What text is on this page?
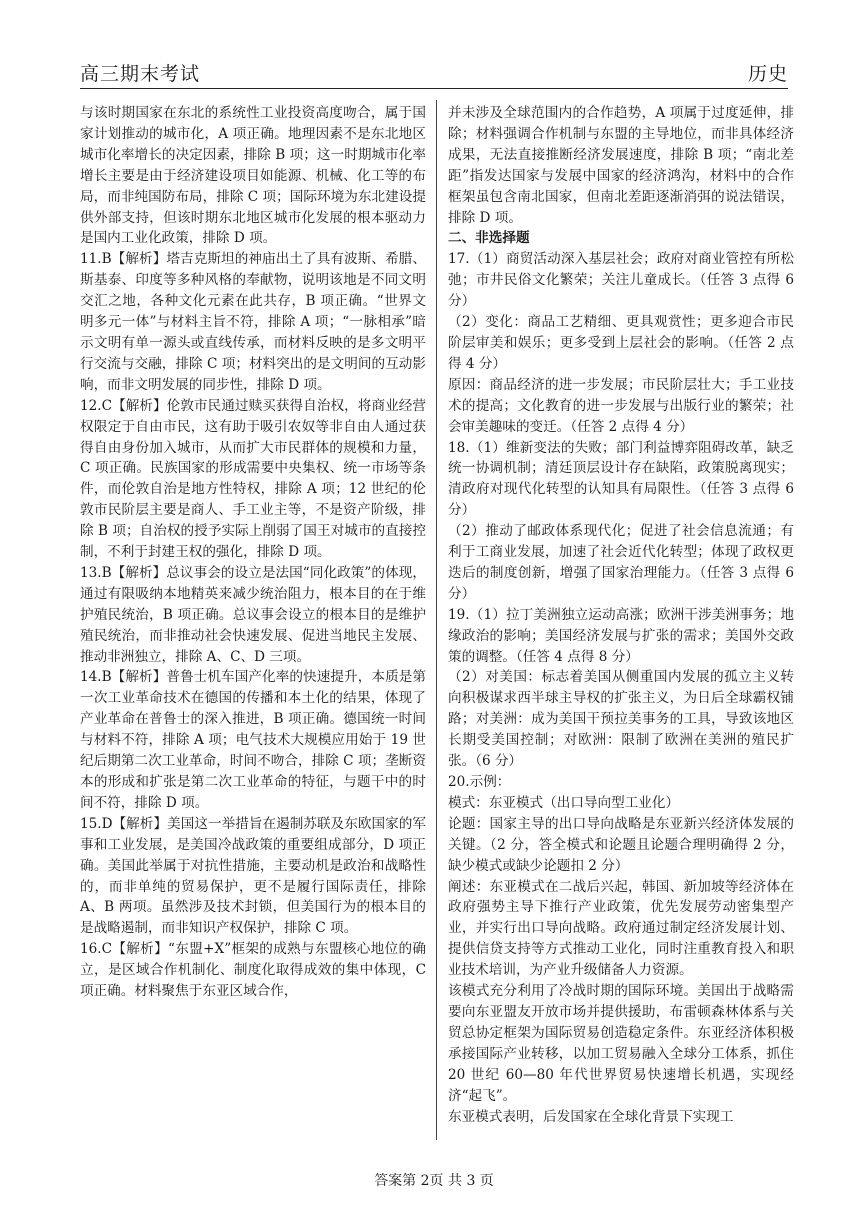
高三期末考试	历史

与该时期国家在东北的系统性工业投资高度吻合，属于国家计划推动的城市化，A 项正确。地理因素不是东北地区城市化率增长的决定因素，排除 B 项；这一时期城市化率增长主要是由于经济建设项目如能源、机械、化工等的布局，而非纯国防布局，排除 C 项；国际环境为东北建设提供外部支持，但该时期东北地区城市化发展的根本驱动力是国内工业化政策，排除 D 项。

11.B【解析】塔吉克斯坦的神庙出土了具有波斯、希腊、斯基泰、印度等多种风格的奉献物，说明该地是不同文明交汇之地，各种文化元素在此共存，B 项正确。“世界文明多元一体”与材料主旨不符，排除 A 项；“一脉相承”暗示文明有单一源头或直线传承，而材料反映的是多文明平行交流与交融，排除 C 项；材料突出的是文明间的互动影响，而非文明发展的同步性，排除 D 项。

12.C【解析】伦敦市民通过赎买获得自治权，将商业经营权限定于自由市民，这有助于吸引农奴等非自由人通过获得自由身份加入城市，从而扩大市民群体的规模和力量，C 项正确。民族国家的形成需要中央集权、统一市场等条件，而伦敦自治是地方性特权，排除 A 项；12 世纪的伦敦市民阶层主要是商人、手工业主等，不是资产阶级，排除 B 项；自治权的授予实际上削弱了国王对城市的直接控制，不利于封建王权的强化，排除 D 项。

13.B【解析】总议事会的设立是法国“同化政策”的体现，通过有限吸纳本地精英来减少统治阻力，根本目的在于维护殖民统治，B 项正确。总议事会设立的根本目的是维护殖民统治，而非推动社会快速发展、促进当地民主发展、推动非洲独立，排除 A、C、D 三项。

14.B【解析】普鲁士机车国产化率的快速提升，本质是第一次工业革命技术在德国的传播和本土化的结果，体现了产业革命在普鲁士的深入推进，B 项正确。德国统一时间与材料不符，排除 A 项；电气技术大规模应用始于 19 世纪后期第二次工业革命，时间不吻合，排除 C 项；垄断资本的形成和扩张是第二次工业革命的特征，与题干中的时间不符，排除 D 项。

15.D【解析】美国这一举措旨在遏制苏联及东欧国家的军事和工业发展，是美国冷战政策的重要组成部分，D 项正确。美国此举属于对抗性措施，主要动机是政治和战略性的，而非单纯的贸易保护，更不是履行国际责任，排除 A、B 两项。虽然涉及技术封锁，但美国行为的根本目的是战略遏制，而非知识产权保护，排除 C 项。

16.C【解析】“东盟+X”框架的成熟与东盟核心地位的确立，是区域合作机制化、制度化取得成效的集中体现，C 项正确。材料聚焦于东亚区域合作，

并未涉及全球范围内的合作趋势，A 项属于过度延伸，排除；材料强调合作机制与东盟的主导地位，而非具体经济成果，无法直接推断经济发展速度，排除 B 项；“南北差距”指发达国家与发展中国家的经济鸿沟，材料中的合作框架虽包含南北国家，但南北差距逐渐消弭的说法错误，排除 D 项。

二、非选择题

17.（1）商贸活动深入基层社会；政府对商业管控有所松弛；市井民俗文化繁荣；关注儿童成长。（任答 3 点得 6 分）

（2）变化：商品工艺精细、更具观赏性；更多迎合市民阶层审美和娱乐；更多受到上层社会的影响。（任答 2 点得 4 分）

原因：商品经济的进一步发展；市民阶层壮大；手工业技术的提高；文化教育的进一步发展与出版行业的繁荣；社会审美趣味的变迁。（任答 2 点得 4 分）

18.（1）维新变法的失败；部门利益博弈阻碍改革，缺乏统一协调机制；清廷顶层设计存在缺陷，政策脱离现实；清政府对现代化转型的认知具有局限性。（任答 3 点得 6 分）

（2）推动了邮政体系现代化；促进了社会信息流通；有利于工商业发展，加速了社会近代化转型；体现了政权更迭后的制度创新，增强了国家治理能力。（任答 3 点得 6 分）

19.（1）拉丁美洲独立运动高涨；欧洲干涉美洲事务；地缘政治的影响；美国经济发展与扩张的需求；美国外交政策的调整。（任答 4 点得 8 分）

（2）对美国：标志着美国从侧重国内发展的孤立主义转向积极谋求西半球主导权的扩张主义，为日后全球霸权铺路；对美洲：成为美国干预拉美事务的工具，导致该地区长期受美国控制；对欧洲：限制了欧洲在美洲的殖民扩张。（6 分）

20.示例：

模式：东亚模式（出口导向型工业化）

论题：国家主导的出口导向战略是东亚新兴经济体发展的关键。（2 分，答全模式和论题且论题合理明确得 2 分，缺少模式或缺少论题扣 2 分）

阐述：东亚模式在二战后兴起，韩国、新加坡等经济体在政府强势主导下推行产业政策，优先发展劳动密集型产业，并实行出口导向战略。政府通过制定经济发展计划、提供信贷支持等方式推动工业化，同时注重教育投入和职业技术培训，为产业升级储备人力资源。

该模式充分利用了冷战时期的国际环境。美国出于战略需要向东亚盟友开放市场并提供援助，布雷顿森林体系与关贸总协定框架为国际贸易创造稳定条件。东亚经济体积极承接国际产业转移，以加工贸易融入全球分工体系，抓住 20 世纪 60—80 年代世界贸易快速增长机遇，实现经济“起飞”。

东亚模式表明，后发国家在全球化背景下实现工

答案第 2页 共 3 页
